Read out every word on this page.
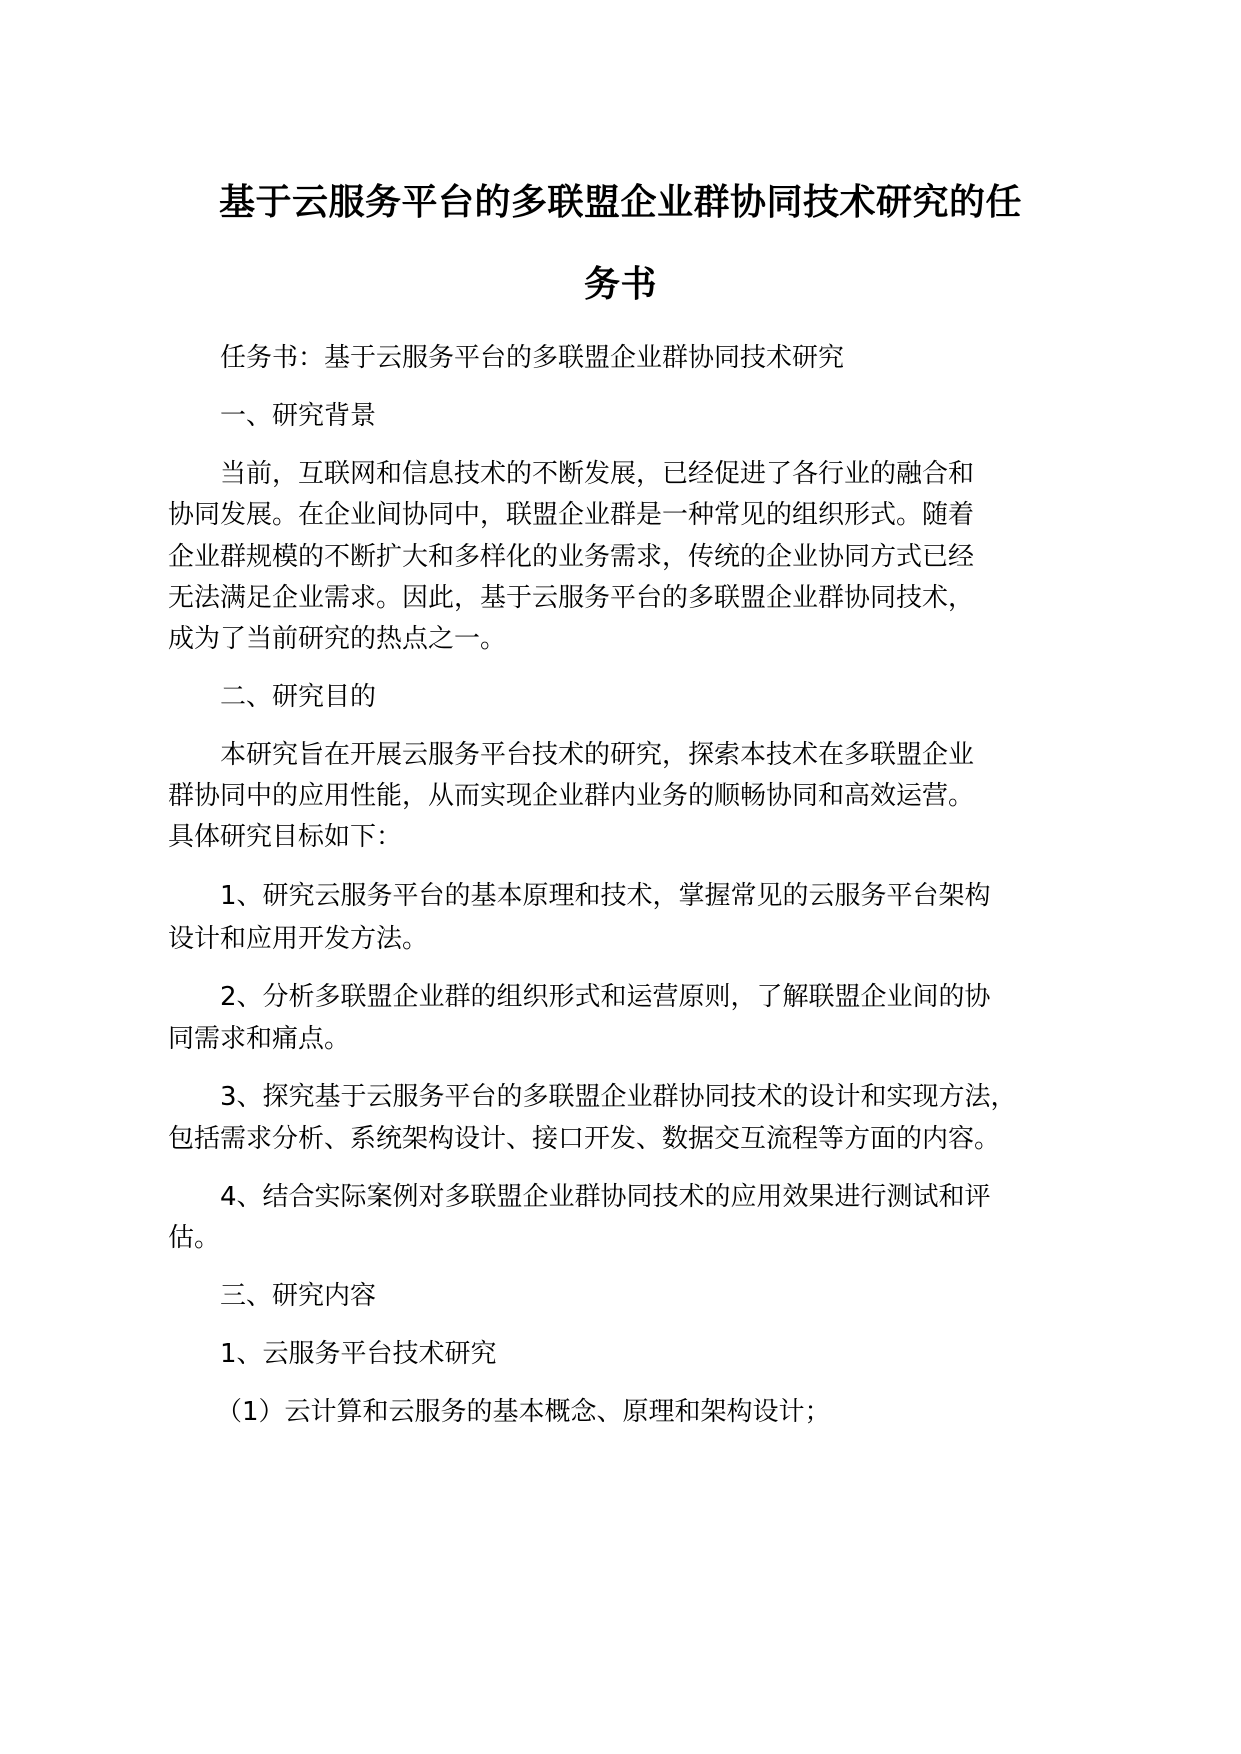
基于云服务平台的多联盟企业群协同技术研究的任
务书
任务书：基于云服务平台的多联盟企业群协同技术研究
一、研究背景
当前，互联网和信息技术的不断发展，已经促进了各行业的融合和
协同发展。在企业间协同中，联盟企业群是一种常见的组织形式。随着
企业群规模的不断扩大和多样化的业务需求，传统的企业协同方式已经
无法满足企业需求。因此，基于云服务平台的多联盟企业群协同技术，
成为了当前研究的热点之一。
二、研究目的
本研究旨在开展云服务平台技术的研究，探索本技术在多联盟企业
群协同中的应用性能，从而实现企业群内业务的顺畅协同和高效运营。
具体研究目标如下：
1、研究云服务平台的基本原理和技术，掌握常见的云服务平台架构
设计和应用开发方法。
2、分析多联盟企业群的组织形式和运营原则，了解联盟企业间的协
同需求和痛点。
3、探究基于云服务平台的多联盟企业群协同技术的设计和实现方法，
包括需求分析、系统架构设计、接口开发、数据交互流程等方面的内容。
4、结合实际案例对多联盟企业群协同技术的应用效果进行测试和评
估。
三、研究内容
1、云服务平台技术研究
（1）云计算和云服务的基本概念、原理和架构设计；
